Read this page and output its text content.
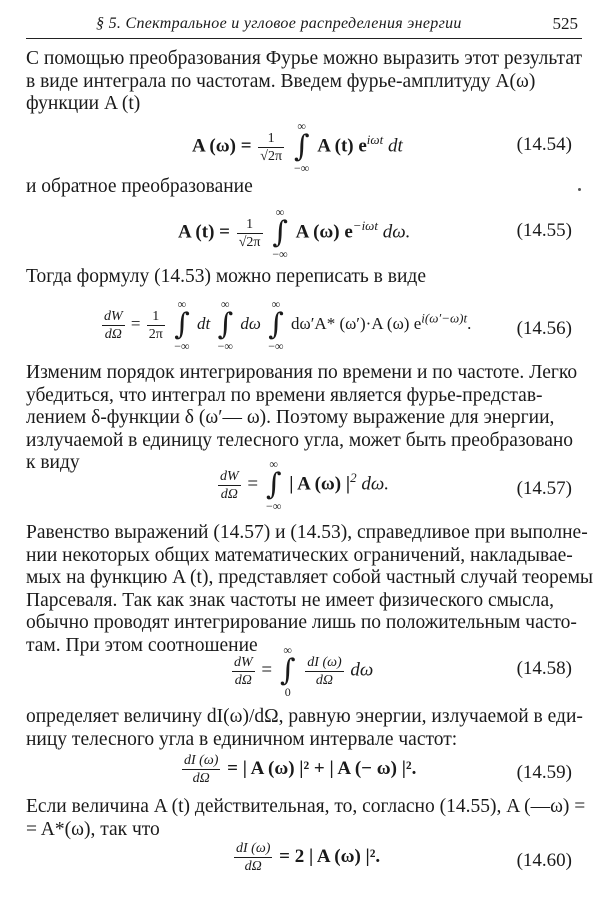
§ 5. Спектральное и угловое распределения энергии	525
С помощью преобразования Фурье можно выразить этот результат
в виде интеграла по частотам. Введем фурье-амплитуду A(ω)
функции A (t)
A $(\omega) = \frac{1}{√2\pi}$

∞
∫
−∞
A (t) $e^{i\omega t}$ dt	(14.54)
и обратное преобразование
A $(t) = \frac{1}{√2\pi}$

∞
∫
−∞
A (ω) $e^{-i\omega t}$ dω.	(14.55)
Тогда формулу (14.53) можно переписать в виде
$\frac{dW}{d\Omega} = \frac{1}{2\pi}$

∞
∫
−∞
dt
∞
∫
−∞
dω
∞
∫
−∞
dω′A* (ω′)·A (ω) $e^{i(\omega'-\omega)t}$. (14.56)
Изменим порядок интегрирования по времени и по частоте. Легко
убедиться, что интеграл по времени является фурье-представ-
лением δ-функции δ (ω′— ω). Поэтому выражение для энергии,
излучаемой в единицу телесного угла, может быть преобразовано
к виду
$\frac{dW}{d\Omega}$ =
∞
∫
−∞
| A (ω) $|^2$ dω.	(14.57)
Равенство выражений (14.57) и (14.53), справедливое при выполне-
нии некоторых общих математических ограничений, накладывае-
мых на функцию A (t), представляет собой частный случай теоремы
Парсеваля. Так как знак частоты не имеет физического смысла,
обычно проводят интегрирование лишь по положительным часто-
там. При этом соотношение
$\frac{dW}{d\Omega}$ =
∞
∫
0

$\frac{dI (\omega)}{d\Omega}$ dω	(14.58)
определяет величину dI(ω)/dΩ, равную энергии, излучаемой в еди-
ницу телесного угла в единичном интервале частот:
$\frac{dI (\omega)}{d\Omega}$ = | A (ω) |² + | A (− ω) |².	(14.59)
Если величина A (t) действительная, то, согласно (14.55), A (—ω) =
= A*(ω), так что
$\frac{dI (\omega)}{d\Omega} = 2$ | A (ω) |².	(14.60)
